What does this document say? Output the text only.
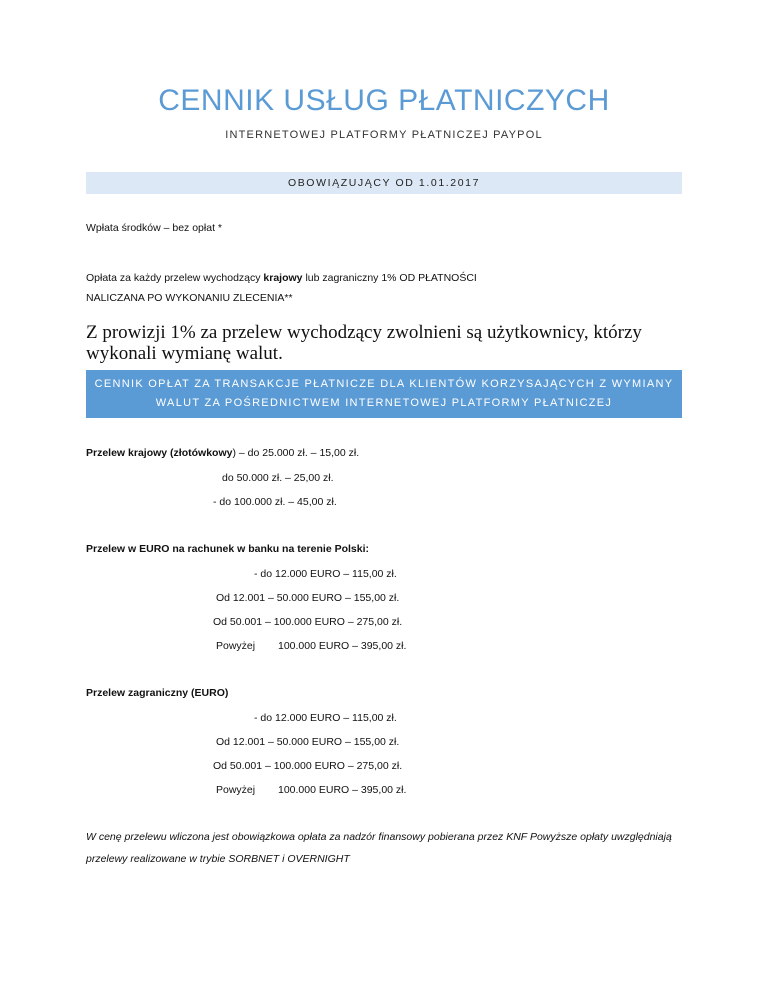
CENNIK USŁUG PŁATNICZYCH
INTERNETOWEJ PLATFORMY PŁATNICZEJ PAYPOL
OBOWIĄZUJĄCY OD 1.01.2017
Wpłata środków – bez opłat *
Opłata za każdy przelew wychodzący krajowy lub zagraniczny 1% OD PŁATNOŚCI
NALICZANA PO WYKONANIU ZLECENIA**
Z prowizji 1% za przelew wychodzący zwolnieni są użytkownicy, którzy wykonali wymianę walut.
CENNIK OPŁAT ZA TRANSAKCJE PŁATNICZE DLA KLIENTÓW KORZYSAJĄCYCH Z WYMIANY
WALUT ZA POŚREDNICTWEM INTERNETOWEJ PLATFORMY PŁATNICZEJ
Przelew krajowy (złotówkowy) – do 25.000 zł. – 15,00 zł.
do 50.000 zł. – 25,00 zł.
- do 100.000 zł. – 45,00 zł.
Przelew w EURO na rachunek w banku na terenie Polski:
- do 12.000 EURO – 115,00 zł.
Od 12.001 – 50.000 EURO – 155,00 zł.
Od 50.001 – 100.000 EURO – 275,00 zł.
Powyżej 100.000 EURO – 395,00 zł.
Przelew zagraniczny (EURO)
- do 12.000 EURO – 115,00 zł.
Od 12.001 – 50.000 EURO – 155,00 zł.
Od 50.001 – 100.000 EURO – 275,00 zł.
Powyżej 100.000 EURO – 395,00 zł.
W cenę przelewu wliczona jest obowiązkowa opłata za nadzór finansowy pobierana przez KNF Powyższe opłaty uwzględniają przelewy realizowane w trybie SORBNET i OVERNIGHT
